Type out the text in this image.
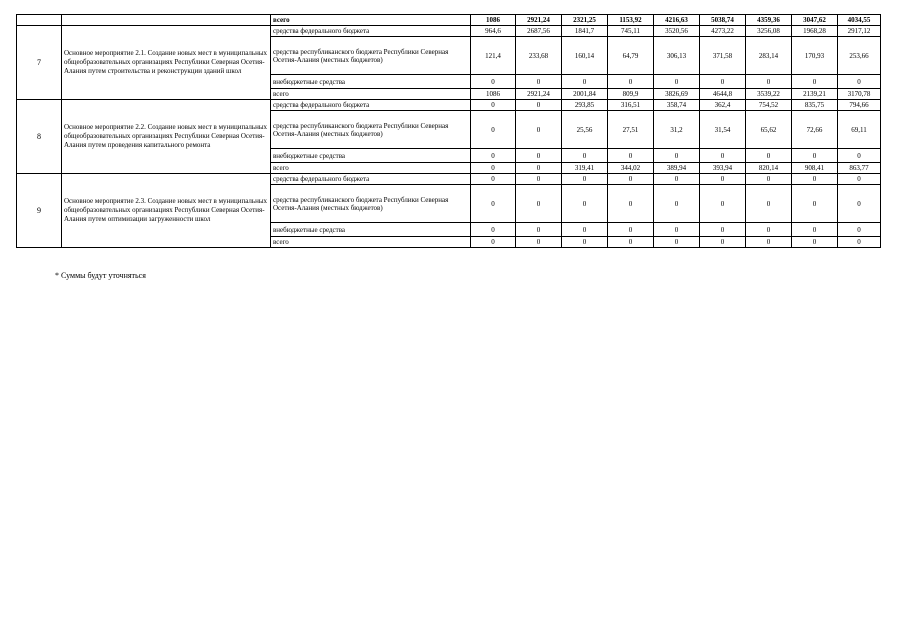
		всего	1086	2921,24	2321,25	1153,92	4216,63	5038,74	4359,36	3047,62	4034,55
7	Основное мероприятие 2.1. Создание новых мест в муниципальных общеобразовательных организациях Республики Северная Осетия-Алания путем строительства и реконструкции зданий школ	средства федерального бюджета	964,6	2687,56	1841,7	745,11	3520,56	4273,22	3256,08	1968,28	2917,12
		средства республиканского бюджета Республики Северная Осетия-Алания (местных бюджетов)	121,4	233,68	160,14	64,79	306,13	371,58	283,14	170,93	253,66
		внебюджетные средства	0	0	0	0	0	0	0	0	0
		всего	1086	2921,24	2001,84	809,9	3826,69	4644,8	3539,22	2139,21	3170,78
8	Основное мероприятие 2.2. Создание новых мест в муниципальных общеобразовательных организациях Республики Северная Осетия-Алания путем проведения капитального ремонта	средства федерального бюджета	0	0	293,85	316,51	358,74	362,4	754,52	835,75	794,66
		средства республиканского бюджета Республики Северная Осетия-Алания (местных бюджетов)	0	0	25,56	27,51	31,2	31,54	65,62	72,66	69,11
		внебюджетные средства	0	0	0	0	0	0	0	0	0
		всего	0	0	319,41	344,02	389,94	393,94	820,14	908,41	863,77
9	Основное мероприятие 2.3. Создание новых мест в муниципальных общеобразовательных организациях Республики Северная Осетия-Алания путем оптимизации загруженности школ	средства федерального бюджета	0	0	0	0	0	0	0	0	0
		средства республиканского бюджета Республики Северная Осетия-Алания (местных бюджетов)	0	0	0	0	0	0	0	0	0
		внебюджетные средства	0	0	0	0	0	0	0	0	0
		всего	0	0	0	0	0	0	0	0	0
* Суммы будут уточняться
